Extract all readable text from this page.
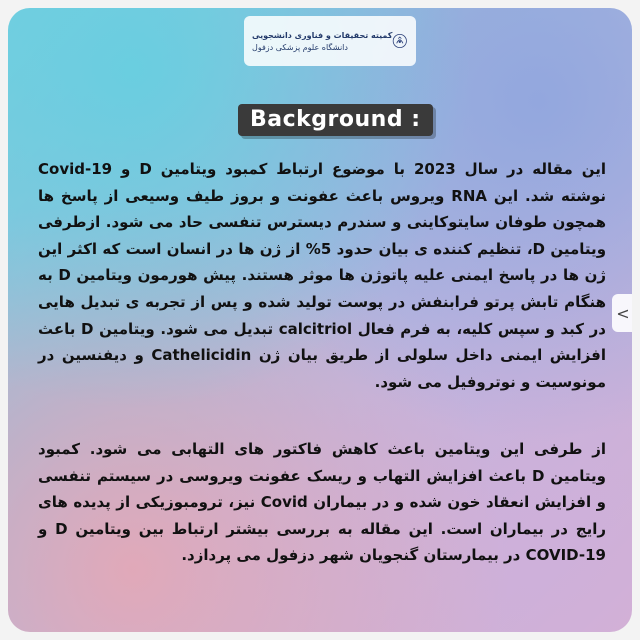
کمیته تحقیقات و فناوری دانشجویی
دانشگاه علوم پزشکی دزفول
Background :
این مقاله در سال 2023 با موضوع ارتباط کمبود ویتامین D و Covid-19 نوشته شد. این RNA ویروس باعث عفونت و بروز طیف وسیعی از پاسخ ها همچون طوفان سایتوکاینی و سندرم دیسترس تنفسی حاد می شود. ازطرفی ویتامین D، تنظیم کننده ی بیان حدود 5% از ژن ها در انسان است که اکثر این ژن ها در پاسخ ایمنی علیه پاتوژن ها موثر هستند. پیش هورمون ویتامین D به هنگام تابش پرتو فرابنفش در پوست تولید شده و پس از تجربه ی تبدیل هایی در کبد و سپس کلیه، به فرم فعال calcitriol تبدیل می شود. ویتامین D باعث افزایش ایمنی داخل سلولی از طریق بیان ژن Cathelicidin و دیفنسین در مونوسیت و نوتروفیل می شود.
از طرفی این ویتامین باعث کاهش فاکتور های التهابی می شود. کمبود ویتامین D باعث افزایش التهاب و ریسک عفونت ویروسی در سیستم تنفسی و افزایش انعقاد خون شده و در بیماران Covid نیز، ترومبوزیکی از پدیده های رایج در بیماران است. این مقاله به بررسی بیشتر ارتباط بین ویتامین D و COVID-19 در بیمارستان گنجویان شهر دزفول می پردازد.
<
